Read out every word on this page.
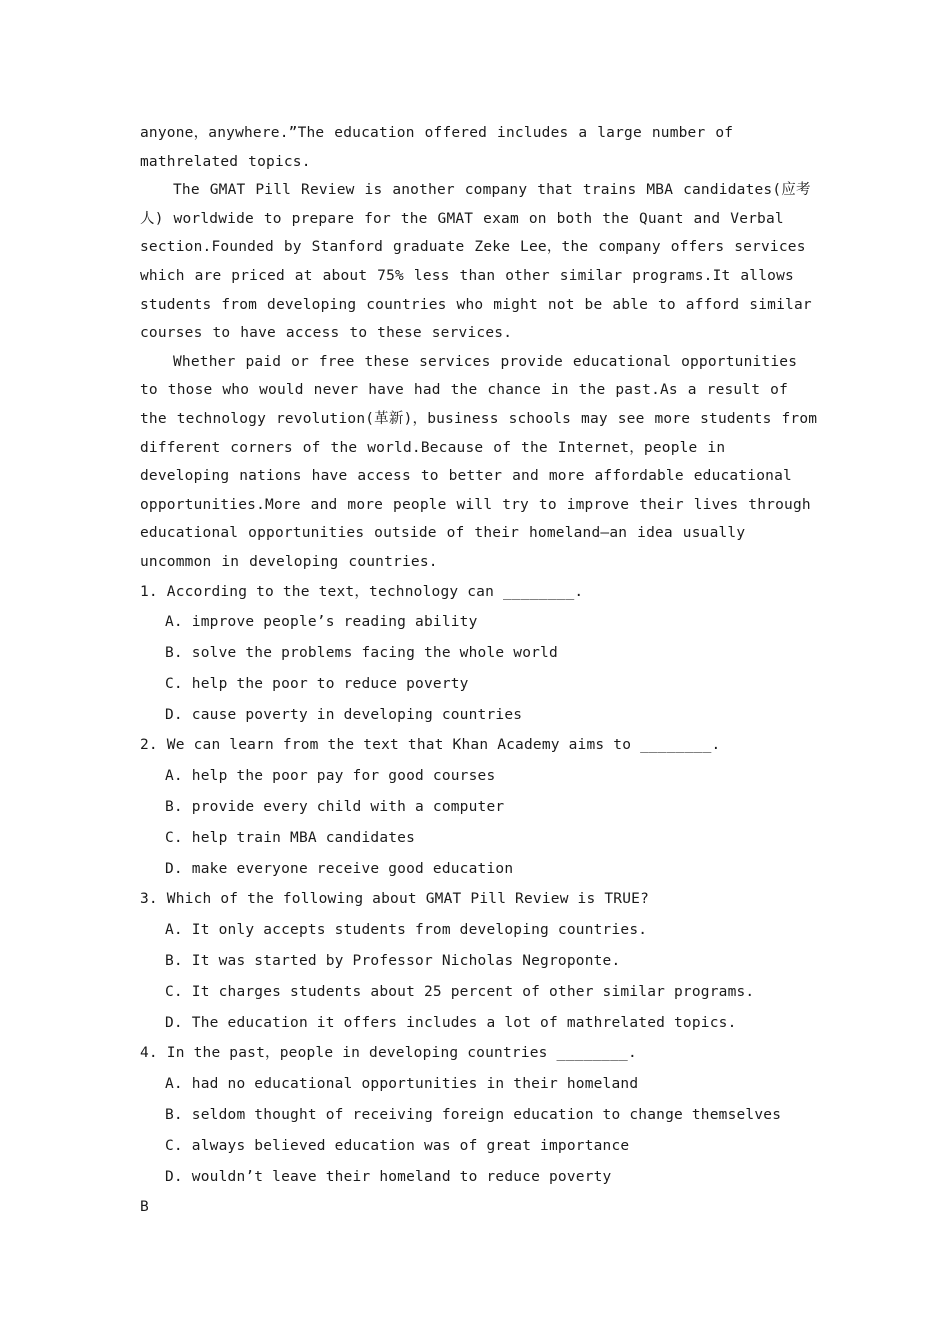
anyone，anywhere.”The education offered includes a large number of mathrelated topics.

The GMAT Pill Review is another company that trains MBA candidates(应考人) worldwide to prepare for the GMAT exam on both the Quant and Verbal section.Founded by Stanford graduate Zeke Lee，the company offers services which are priced at about 75% less than other similar programs.It allows students from developing countries who might not be able to afford similar courses to have access to these services.

Whether paid or free these services provide educational opportunities to those who would never have had the chance in the past.As a result of the technology revolution(革新)，business schools may see more students from different corners of the world.Because of the Internet，people in developing nations have access to better and more affordable educational opportunities.More and more people will try to improve their lives through educational opportunities outside of their homeland—an idea usually uncommon in developing countries.

1. According to the text，technology can ________.

A. improve people’s reading ability
B. solve the problems facing the whole world
C. help the poor to reduce poverty
D. cause poverty in developing countries

2. We can learn from the text that Khan Academy aims to ________.

A. help the poor pay for good courses
B. provide every child with a computer
C. help train MBA candidates
D. make everyone receive good education

3. Which of the following about GMAT Pill Review is TRUE?

A. It only accepts students from developing countries.
B. It was started by Professor Nicholas Negroponte.
C. It charges students about 25 percent of other similar programs.
D. The education it offers includes a lot of mathrelated topics.

4. In the past，people in developing countries ________.

A. had no educational opportunities in their homeland
B. seldom thought of receiving foreign education to change themselves
C. always believed education was of great importance
D. wouldn’t leave their homeland to reduce poverty

B
